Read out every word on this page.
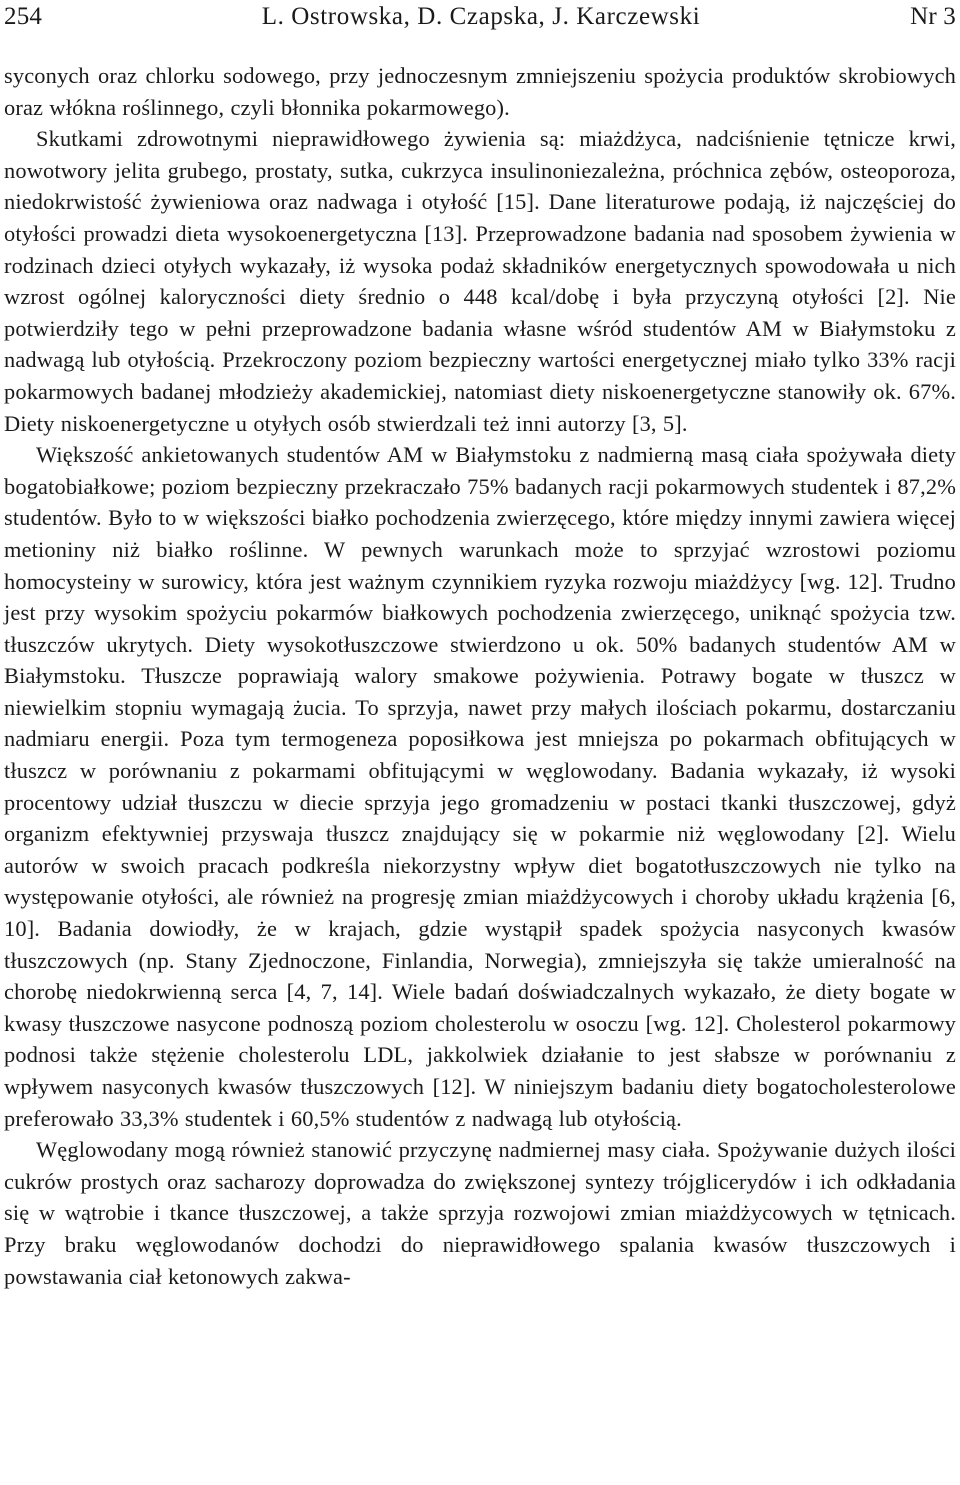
254	L. Ostrowska, D. Czapska, J. Karczewski	Nr 3

syconych oraz chlorku sodowego, przy jednoczesnym zmniejszeniu spożycia produktów skrobiowych oraz włókna roślinnego, czyli błonnika pokarmowego).

Skutkami zdrowotnymi nieprawidłowego żywienia są: miażdżyca, nadciśnienie tętnicze krwi, nowotwory jelita grubego, prostaty, sutka, cukrzyca insulinoniezależna, próchnica zębów, osteoporoza, niedokrwistość żywieniowa oraz nadwaga i otyłość [15]. Dane literaturowe podają, iż najczęściej do otyłości prowadzi dieta wysokoenergetyczna [13]. Przeprowadzone badania nad sposobem żywienia w rodzinach dzieci otyłych wykazały, iż wysoka podaż składników energetycznych spowodowała u nich wzrost ogólnej kaloryczności diety średnio o 448 kcal/dobę i była przyczyną otyłości [2]. Nie potwierdziły tego w pełni przeprowadzone badania własne wśród studentów AM w Białymstoku z nadwagą lub otyłością. Przekroczony poziom bezpieczny wartości energetycznej miało tylko 33% racji pokarmowych badanej młodzieży akademickiej, natomiast diety niskoenergetyczne stanowiły ok. 67%. Diety niskoenergetyczne u otyłych osób stwierdzali też inni autorzy [3, 5].

Większość ankietowanych studentów AM w Białymstoku z nadmierną masą ciała spożywała diety bogatobiałkowe; poziom bezpieczny przekraczało 75% badanych racji pokarmowych studentek i 87,2% studentów. Było to w większości białko pochodzenia zwierzęcego, które między innymi zawiera więcej metioniny niż białko roślinne. W pewnych warunkach może to sprzyjać wzrostowi poziomu homocysteiny w surowicy, która jest ważnym czynnikiem ryzyka rozwoju miażdżycy [wg. 12]. Trudno jest przy wysokim spożyciu pokarmów białkowych pochodzenia zwierzęcego, uniknąć spożycia tzw. tłuszczów ukrytych. Diety wysokotłuszczowe stwierdzono u ok. 50% badanych studentów AM w Białymstoku. Tłuszcze poprawiają walory smakowe pożywienia. Potrawy bogate w tłuszcz w niewielkim stopniu wymagają żucia. To sprzyja, nawet przy małych ilościach pokarmu, dostarczaniu nadmiaru energii. Poza tym termogeneza poposiłkowa jest mniejsza po pokarmach obfitujących w tłuszcz w porównaniu z pokarmami obfitującymi w węglowodany. Badania wykazały, iż wysoki procentowy udział tłuszczu w diecie sprzyja jego gromadzeniu w postaci tkanki tłuszczowej, gdyż organizm efektywniej przyswaja tłuszcz znajdujący się w pokarmie niż węglowodany [2]. Wielu autorów w swoich pracach podkreśla niekorzystny wpływ diet bogatotłuszczowych nie tylko na występowanie otyłości, ale również na progresję zmian miażdżycowych i choroby układu krążenia [6, 10]. Badania dowiodły, że w krajach, gdzie wystąpił spadek spożycia nasyconych kwasów tłuszczowych (np. Stany Zjednoczone, Finlandia, Norwegia), zmniejszyła się także umieralność na chorobę niedokrwienną serca [4, 7, 14]. Wiele badań doświadczalnych wykazało, że diety bogate w kwasy tłuszczowe nasycone podnoszą poziom cholesterolu w osoczu [wg. 12]. Cholesterol pokarmowy podnosi także stężenie cholesterolu LDL, jakkolwiek działanie to jest słabsze w porównaniu z wpływem nasyconych kwasów tłuszczowych [12]. W niniejszym badaniu diety bogatocholesterolowe preferowało 33,3% studentek i 60,5% studentów z nadwagą lub otyłością.

Węglowodany mogą również stanowić przyczynę nadmiernej masy ciała. Spożywanie dużych ilości cukrów prostych oraz sacharozy doprowadza do zwiększonej syntezy trójglicerydów i ich odkładania się w wątrobie i tkance tłuszczowej, a także sprzyja rozwojowi zmian miażdżycowych w tętnicach. Przy braku węglowodanów dochodzi do nieprawidłowego spalania kwasów tłuszczowych i powstawania ciał ketonowych zakwa-
